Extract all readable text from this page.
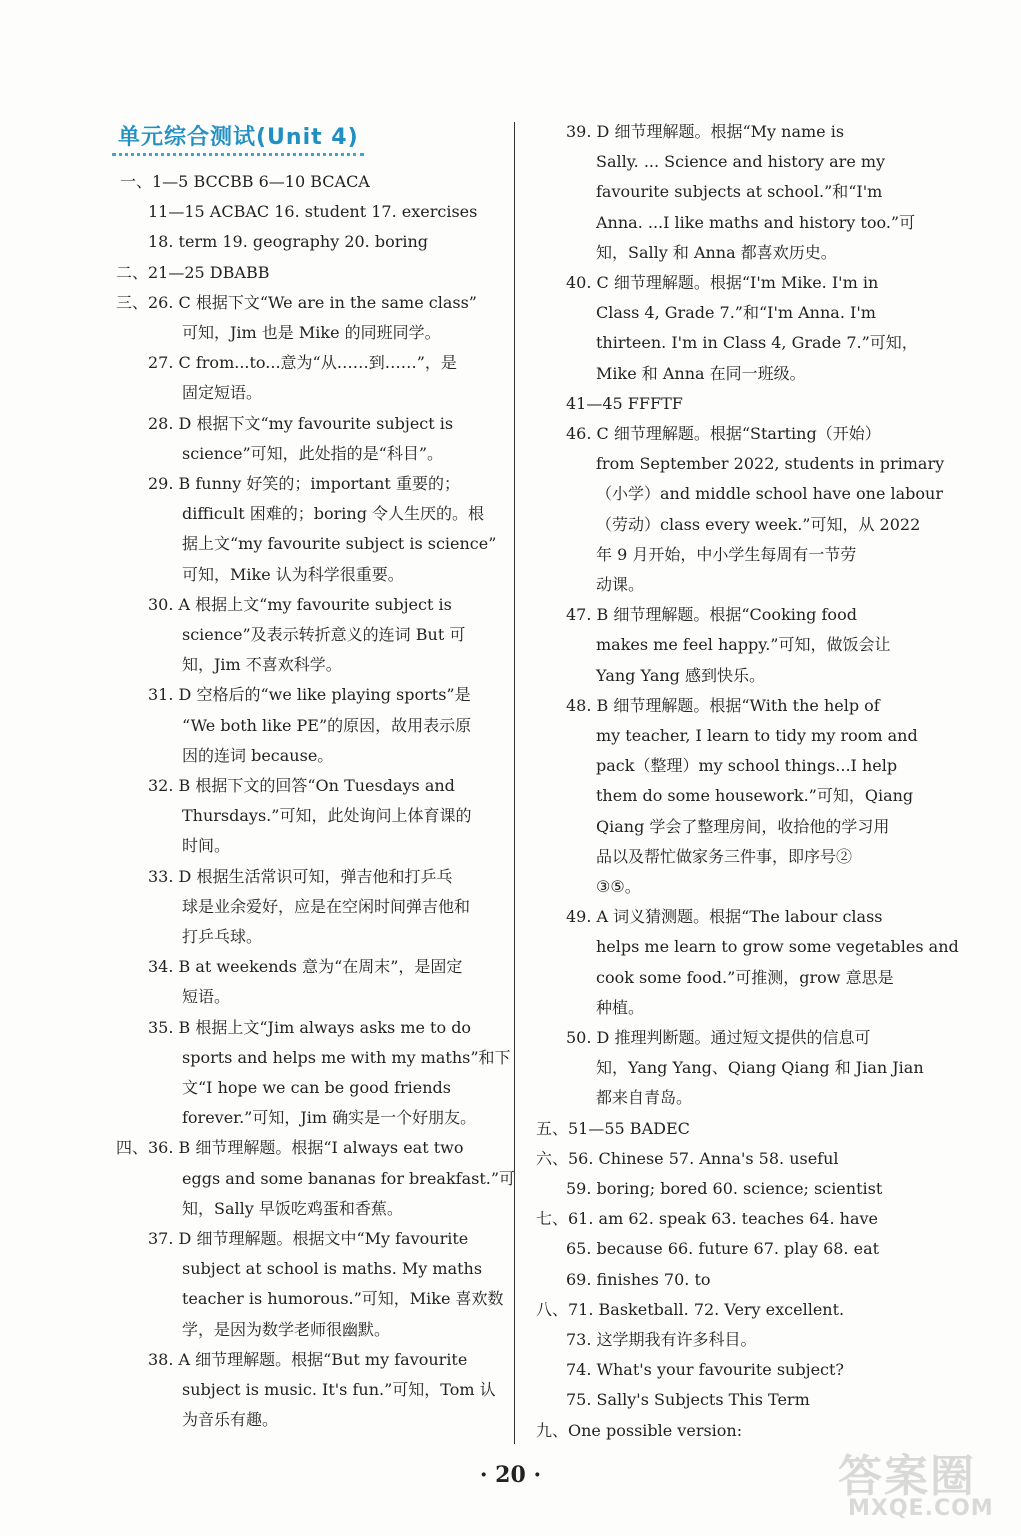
单元综合测试(Unit 4)
一、1—5 BCCBB 6—10 BCACA
11—15 ACBAC 16. student 17. exercises
18. term 19. geography 20. boring
二、21—25 DBABB
三、26. C 根据下文“We are in the same class”
可知，Jim 也是 Mike 的同班同学。
27. C from...to...意为“从……到……”，是
固定短语。
28. D 根据下文“my favourite subject is
science”可知，此处指的是“科目”。
29. B funny 好笑的；important 重要的；
difficult 困难的；boring 令人生厌的。根
据上文“my favourite subject is science”
可知，Mike 认为科学很重要。
30. A 根据上文“my favourite subject is
science”及表示转折意义的连词 But 可
知，Jim 不喜欢科学。
31. D 空格后的“we like playing sports”是
“We both like PE”的原因，故用表示原
因的连词 because。
32. B 根据下文的回答“On Tuesdays and
Thursdays.”可知，此处询问上体育课的
时间。
33. D 根据生活常识可知，弹吉他和打乒乓
球是业余爱好，应是在空闲时间弹吉他和
打乒乓球。
34. B at weekends 意为“在周末”，是固定
短语。
35. B 根据上文“Jim always asks me to do
sports and helps me with my maths”和下
文“I hope we can be good friends
forever.”可知，Jim 确实是一个好朋友。
四、36. B 细节理解题。根据“I always eat two
eggs and some bananas for breakfast.”可
知，Sally 早饭吃鸡蛋和香蕉。
37. D 细节理解题。根据文中“My favourite
subject at school is maths. My maths
teacher is humorous.”可知，Mike 喜欢数
学，是因为数学老师很幽默。
38. A 细节理解题。根据“But my favourite
subject is music. It's fun.”可知，Tom 认
为音乐有趣。
39. D 细节理解题。根据“My name is
Sally. ... Science and history are my
favourite subjects at school.”和“I'm
Anna. ...I like maths and history too.”可
知，Sally 和 Anna 都喜欢历史。
40. C 细节理解题。根据“I'm Mike. I'm in
Class 4, Grade 7.”和“I'm Anna. I'm
thirteen. I'm in Class 4, Grade 7.”可知，
Mike 和 Anna 在同一班级。
41—45 FFFTF
46. C 细节理解题。根据“Starting（开始）
from September 2022, students in primary
（小学）and middle school have one labour
（劳动）class every week.”可知，从 2022
年 9 月开始，中小学生每周有一节劳
动课。
47. B 细节理解题。根据“Cooking food
makes me feel happy.”可知，做饭会让
Yang Yang 感到快乐。
48. B 细节理解题。根据“With the help of
my teacher, I learn to tidy my room and
pack（整理）my school things...I help
them do some housework.”可知，Qiang
Qiang 学会了整理房间，收拾他的学习用
品以及帮忙做家务三件事，即序号②
③⑤。
49. A 词义猜测题。根据“The labour class
helps me learn to grow some vegetables and
cook some food.”可推测，grow 意思是
种植。
50. D 推理判断题。通过短文提供的信息可
知，Yang Yang、Qiang Qiang 和 Jian Jian
都来自青岛。
五、51—55 BADEC
六、56. Chinese 57. Anna's 58. useful
59. boring; bored 60. science; scientist
七、61. am 62. speak 63. teaches 64. have
65. because 66. future 67. play 68. eat
69. finishes 70. to
八、71. Basketball. 72. Very excellent.
73. 这学期我有许多科目。
74. What's your favourite subject?
75. Sally's Subjects This Term
九、One possible version:
· 20 ·	答案圈
MXQE.COM
